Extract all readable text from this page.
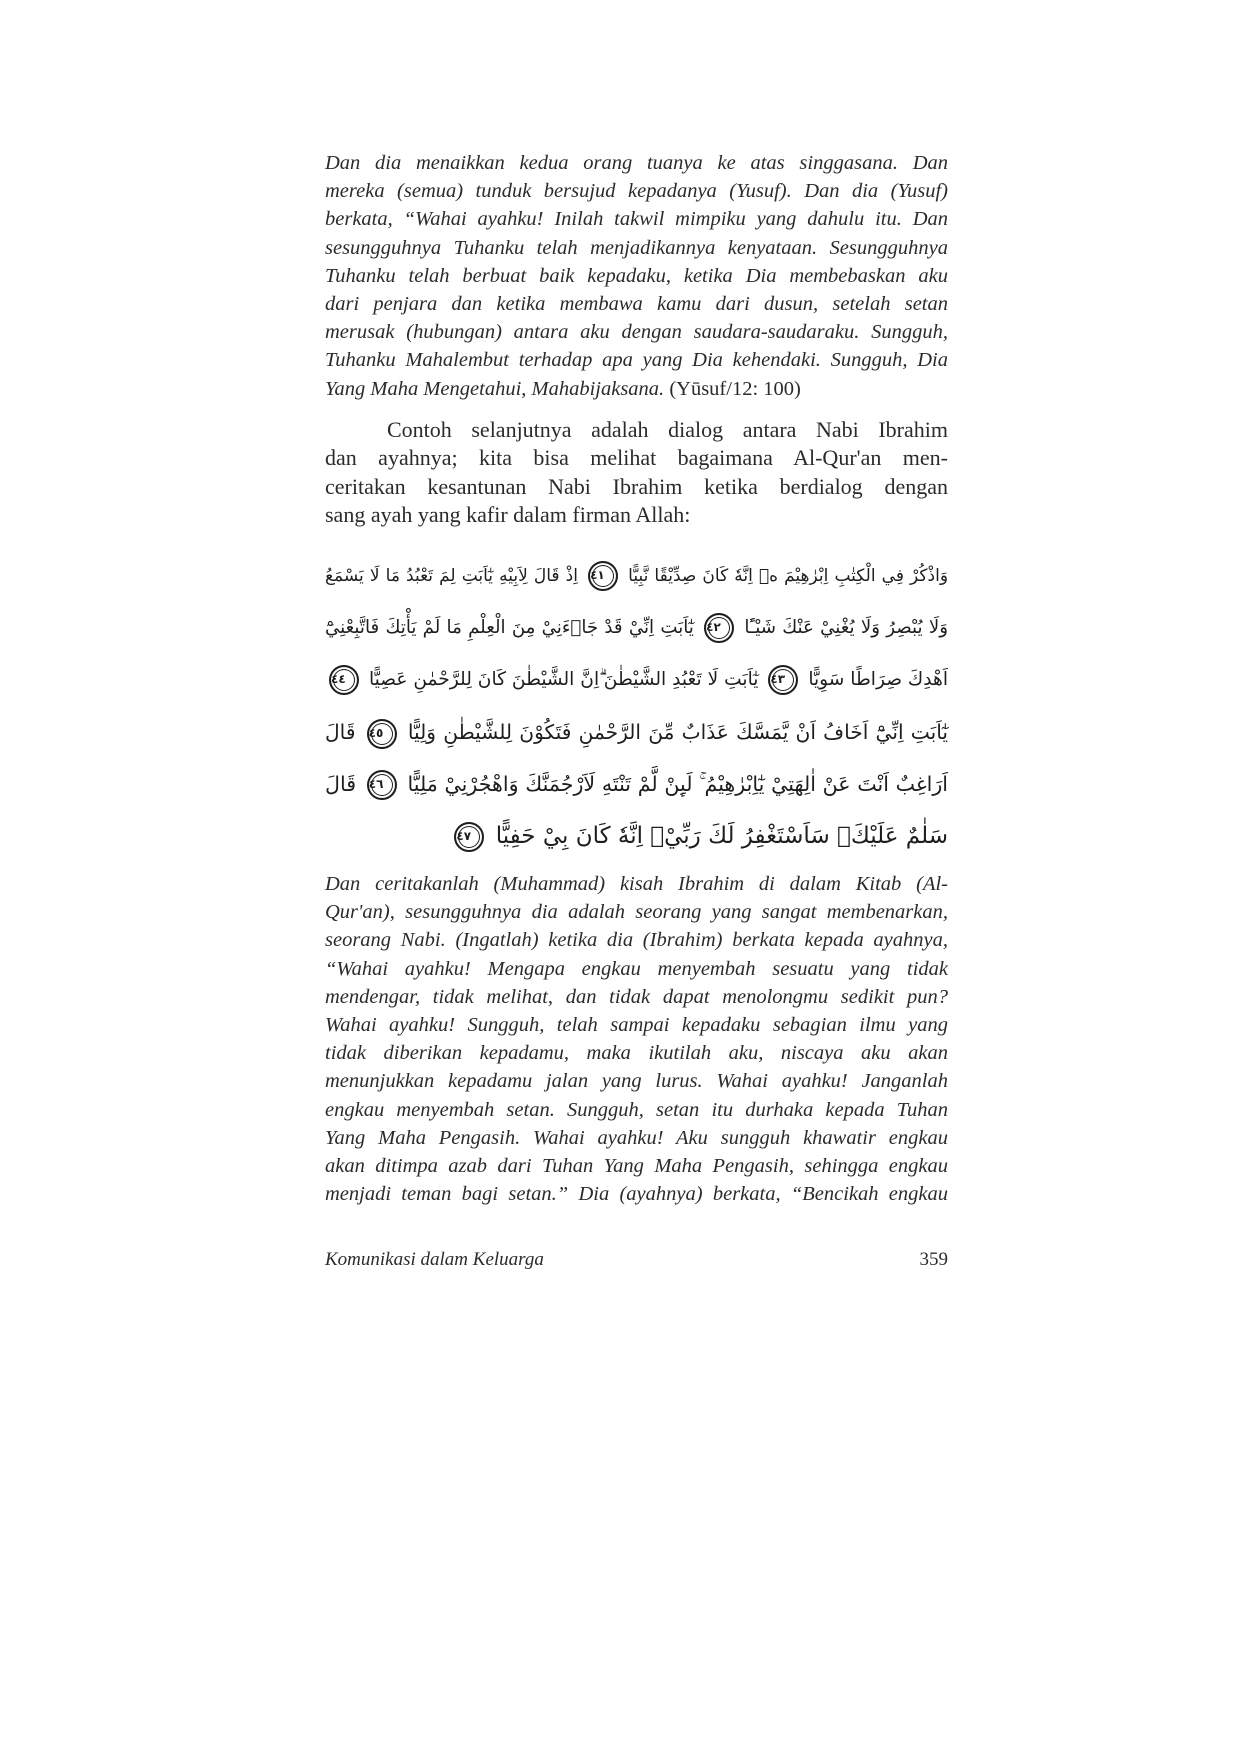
Dan dia menaikkan kedua orang tuanya ke atas singgasana. Dan
mereka (semua) tunduk bersujud kepadanya (Yusuf). Dan dia (Yusuf)
berkata, “Wahai ayahku! Inilah takwil mimpiku yang dahulu itu. Dan
sesungguhnya Tuhanku telah menjadikannya kenyataan. Sesungguhnya
Tuhanku telah berbuat baik kepadaku, ketika Dia membebaskan aku
dari penjara dan ketika membawa kamu dari dusun, setelah setan
merusak (hubungan) antara aku dengan saudara-saudaraku. Sungguh,
Tuhanku Mahalembut terhadap apa yang Dia kehendaki. Sungguh, Dia
Yang Maha Mengetahui, Mahabijaksana. (Yūsuf/12: 100)
Contoh selanjutnya adalah dialog antara Nabi Ibrahim
dan ayahnya; kita bisa melihat bagaimana Al-Qur'an men-
ceritakan kesantunan Nabi Ibrahim ketika berdialog dengan
sang ayah yang kafir dalam firman Allah:
وَاذْكُرْ فِي الْكِتٰبِ اِبْرٰهِيْمَ ەۗ اِنَّهٗ كَانَ صِدِّيْقًا نَّبِيًّا ٤١ اِذْ قَالَ لِاَبِيْهِ يٰٓاَبَتِ لِمَ تَعْبُدُ مَا لَا يَسْمَعُ
وَلَا يُبْصِرُ وَلَا يُغْنِيْ عَنْكَ شَيْـًٔا ٤٢ يٰٓاَبَتِ اِنِّيْ قَدْ جَاۤءَنِيْ مِنَ الْعِلْمِ مَا لَمْ يَأْتِكَ فَاتَّبِعْنِيْٓ
اَهْدِكَ صِرَاطًا سَوِيًّا ٤٣ يٰٓاَبَتِ لَا تَعْبُدِ الشَّيْطٰنَ ۗاِنَّ الشَّيْطٰنَ كَانَ لِلرَّحْمٰنِ عَصِيًّا ٤٤
يٰٓاَبَتِ اِنِّيْٓ اَخَافُ اَنْ يَّمَسَّكَ عَذَابٌ مِّنَ الرَّحْمٰنِ فَتَكُوْنَ لِلشَّيْطٰنِ وَلِيًّا ٤٥ قَالَ
اَرَاغِبٌ اَنْتَ عَنْ اٰلِهَتِيْ يٰٓاِبْرٰهِيْمُ ۚ لَىِٕنْ لَّمْ تَنْتَهِ لَاَرْجُمَنَّكَ وَاهْجُرْنِيْ مَلِيًّا ٤٦ قَالَ
سَلٰمٌ عَلَيْكَۚ سَاَسْتَغْفِرُ لَكَ رَبِّيْۗ اِنَّهٗ كَانَ بِيْ حَفِيًّا ٤٧
Dan ceritakanlah (Muhammad) kisah Ibrahim di dalam Kitab (Al-
Qur'an), sesungguhnya dia adalah seorang yang sangat membenarkan,
seorang Nabi. (Ingatlah) ketika dia (Ibrahim) berkata kepada ayahnya,
“Wahai ayahku! Mengapa engkau menyembah sesuatu yang tidak
mendengar, tidak melihat, dan tidak dapat menolongmu sedikit pun?
Wahai ayahku! Sungguh, telah sampai kepadaku sebagian ilmu yang
tidak diberikan kepadamu, maka ikutilah aku, niscaya aku akan
menunjukkan kepadamu jalan yang lurus. Wahai ayahku! Janganlah
engkau menyembah setan. Sungguh, setan itu durhaka kepada Tuhan
Yang Maha Pengasih. Wahai ayahku! Aku sungguh khawatir engkau
akan ditimpa azab dari Tuhan Yang Maha Pengasih, sehingga engkau
menjadi teman bagi setan.” Dia (ayahnya) berkata, “Bencikah engkau
Komunikasi dalam Keluarga	359
